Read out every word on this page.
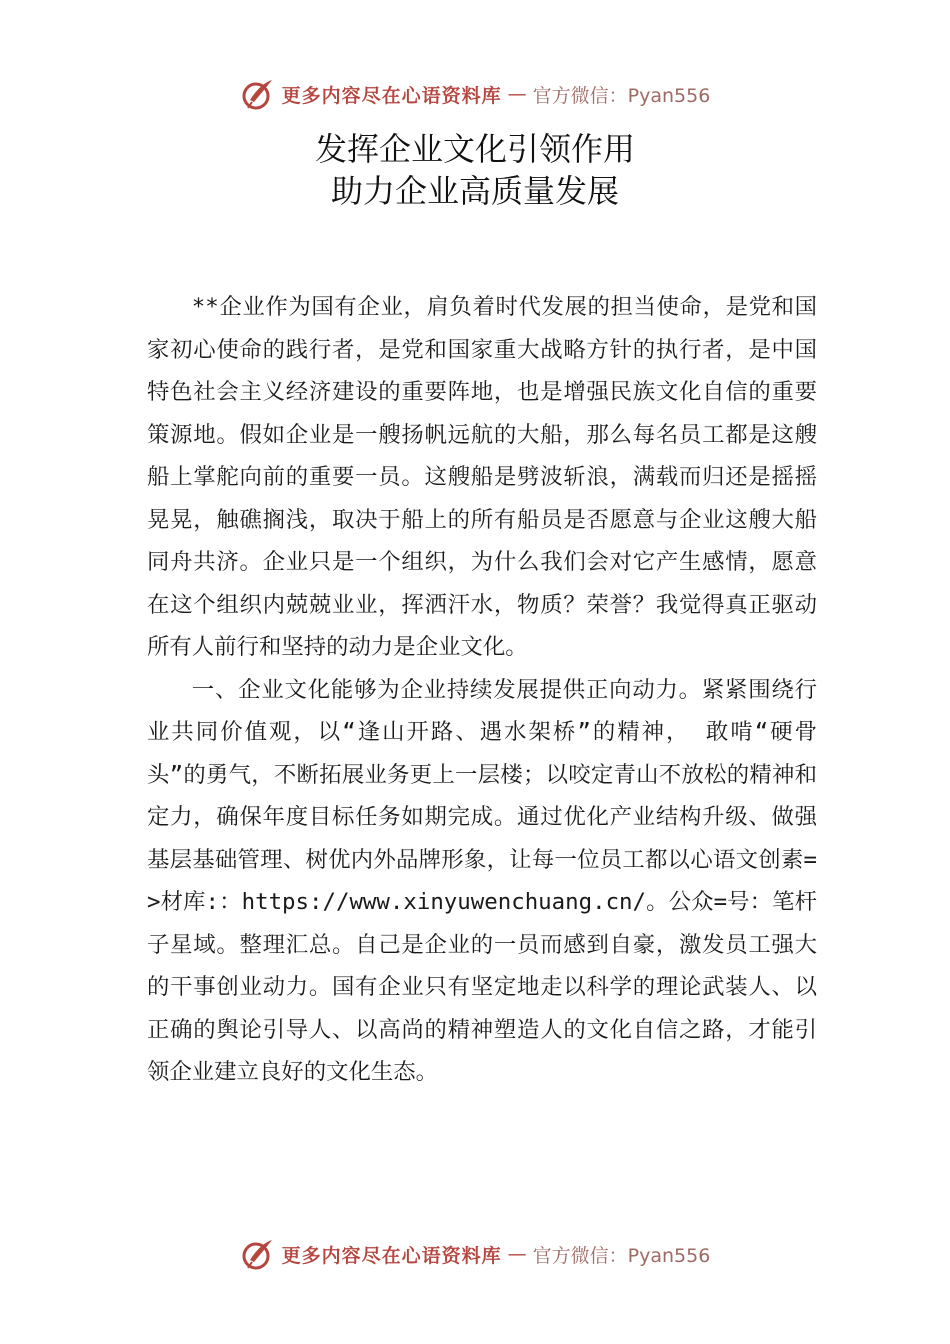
更多内容尽在心语资料库 — 官方微信：Pyan556
发挥企业文化引领作用
助力企业高质量发展

**企业作为国有企业，肩负着时代发展的担当使命，是党和国家初心使命的践行者，是党和国家重大战略方针的执行者，是中国特色社会主义经济建设的重要阵地，也是增强民族文化自信的重要策源地。假如企业是一艘扬帆远航的大船，那么每名员工都是这艘船上掌舵向前的重要一员。这艘船是劈波斩浪，满载而归还是摇摇晃晃，触礁搁浅，取决于船上的所有船员是否愿意与企业这艘大船同舟共济。企业只是一个组织，为什么我们会对它产生感情，愿意在这个组织内兢兢业业，挥洒汗水，物质？荣誉？我觉得真正驱动所有人前行和坚持的动力是企业文化。

一、企业文化能够为企业持续发展提供正向动力。紧紧围绕行业共同价值观，以“逢山开路、遇水架桥”的精神， 敢啃“硬骨头”的勇气，不断拓展业务更上一层楼；以咬定青山不放松的精神和定力，确保年度目标任务如期完成。通过优化产业结构升级、做强基层基础管理、树优内外品牌形象，让每一位员工都以心语文创素=>材库:：https://www.xinyuwenchuang.cn/。公众=号：笔杆子星域。整理汇总。自己是企业的一员而感到自豪，激发员工强大的干事创业动力。国有企业只有坚定地走以科学的理论武装人、以正确的舆论引导人、以高尚的精神塑造人的文化自信之路，才能引领企业建立良好的文化生态。

更多内容尽在心语资料库 — 官方微信：Pyan556
